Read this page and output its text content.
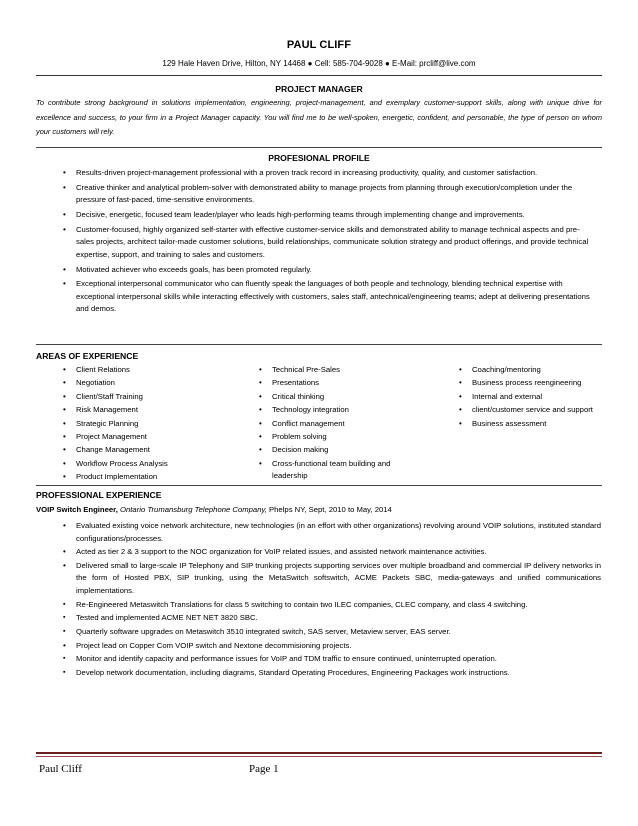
PAUL CLIFF
129 Hale Haven Drive, Hilton, NY 14468 ● Cell: 585-704-9028 ● E-Mail: prcliff@live.com
PROJECT MANAGER
To contribute strong background in solutions implementation, engineering, project-management, and exemplary customer-support skills, along with unique drive for excellence and success, to your firm in a Project Manager capacity. You will find me to be well-spoken, energetic, confident, and personable, the type of person on whom your customers will rely.
PROFESIONAL PROFILE
• Results-driven project-management professional with a proven track record in increasing productivity, quality, and customer satisfaction.
• Creative thinker and analytical problem-solver with demonstrated ability to manage projects from planning through execution/completion under the pressure of fast-paced, time-sensitive environments.
• Decisive, energetic, focused team leader/player who leads high-performing teams through implementing change and improvements.
• Customer-focused, highly organized self-starter with effective customer-service skills and demonstrated ability to manage technical aspects and pre-sales projects, architect tailor-made customer solutions, build relationships, communicate solution strategy and product offerings, and provide technical expertise, support, and training to sales and customers.
• Motivated achiever who exceeds goals, has been promoted regularly.
• Exceptional interpersonal communicator who can fluently speak the languages of both people and technology, blending technical expertise with exceptional interpersonal skills while interacting effectively with customers, sales staff, antechnical/engineering teams; adept at delivering presentations and demos.
AREAS OF EXPERIENCE
• Client Relations
• Negotiation
• Client/Staff Training
• Risk Management
• Strategic Planning
• Project Management
• Change Management
• Workflow Process Analysis
• Product Implementation
• Technical Pre-Sales
• Presentations
• Critical thinking
• Technology integration
• Conflict management
• Problem solving
• Decision making
• Cross-functional team building and leadership
• Coaching/mentoring
• Business process reengineering
• Internal and external
• client/customer service and support
• Business assessment
PROFESSIONAL EXPERIENCE
VOIP Switch Engineer, Ontario Trumansburg Telephone Company, Phelps NY, Sept, 2010 to May, 2014
• Evaluated existing voice network architecture, new technologies (in an effort with other organizations) revolving around VOIP solutions, instituted standard configurations/processes.
• Acted as tier 2 & 3 support to the NOC organization for VoIP related issues, and assisted network maintenance activities.
• Delivered small to large-scale IP Telephony and SIP trunking projects supporting services over multiple broadband and commercial IP delivery networks in the form of Hosted PBX, SIP trunking, using the MetaSwitch softswitch, ACME Packets SBC, media-gateways and unified communications implementations.
▪ Re-Engineered Metaswitch Translations for class 5 switching to contain two ILEC companies, CLEC company, and class 4 switching.
▪ Tested and implemented ACME NET NET 3820 SBC.
▪ Quarterly software upgrades on Metaswitch 3510 integrated switch, SAS server, Metaview server, EAS server.
• Project lead on Copper Com VOIP switch and Nextone decommisioning projects.
▪ Monitor and identify capacity and performance issues for VoIP and TDM traffic to ensure continued, uninterrupted operation.
▪ Develop network documentation, including diagrams, Standard Operating Procedures, Engineering Packages work instructions.
Paul Cliff	Page 1
